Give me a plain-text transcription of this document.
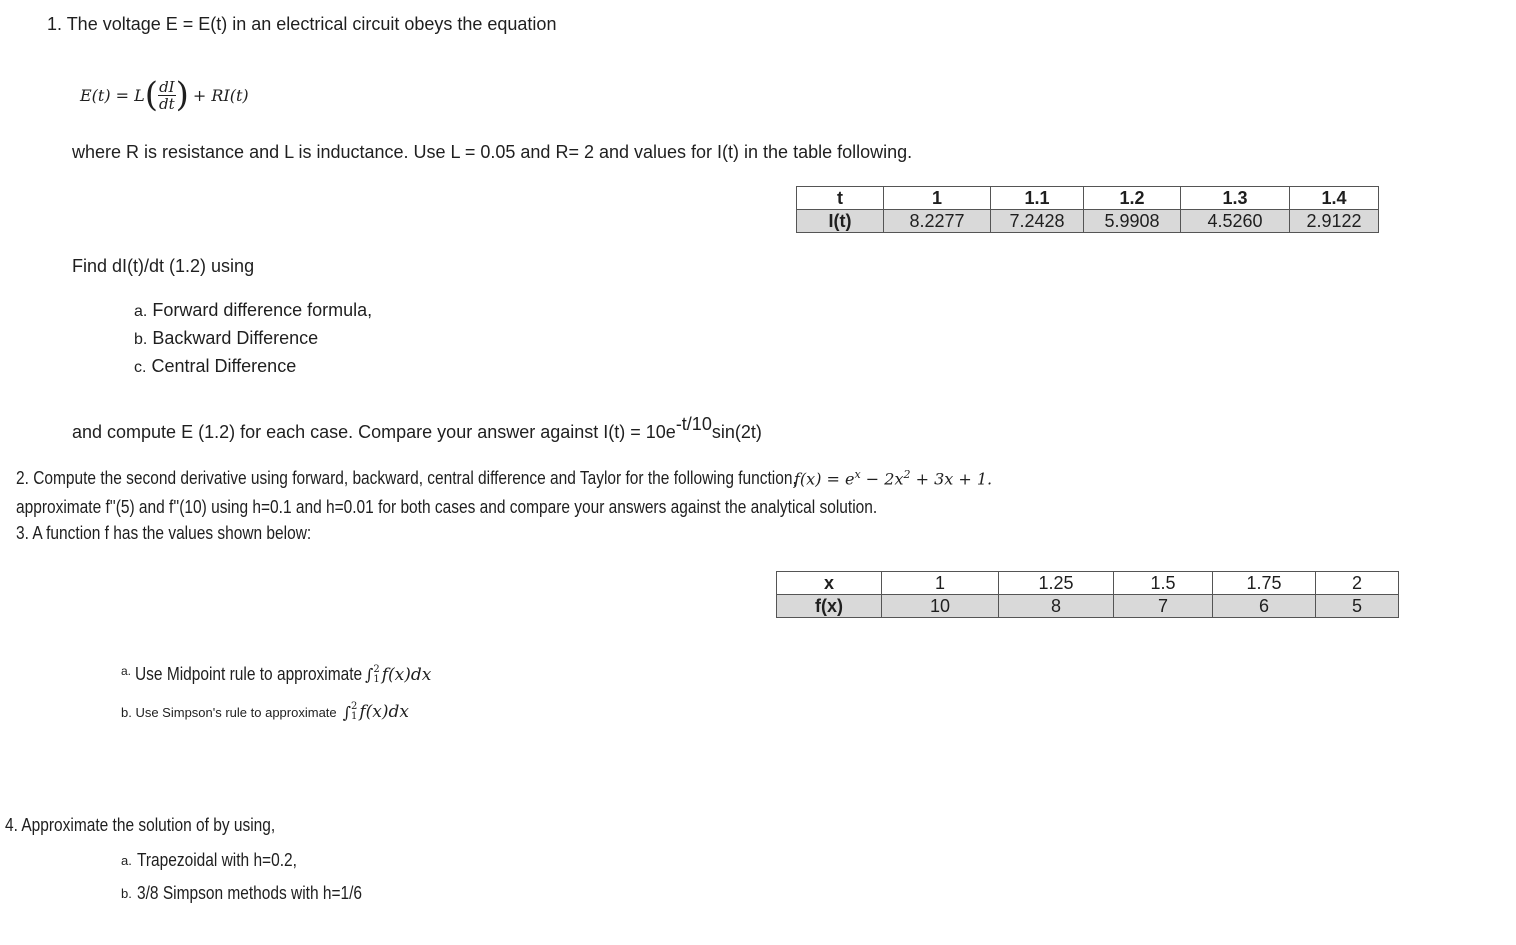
1. The voltage E = E(t) in an electrical circuit obeys the equation
E(t) = L ( $\frac{dI}{dt}$ ) + RI(t)
where R is resistance and L is inductance. Use L = 0.05 and R= 2 and values for I(t) in the table following.
t	1	1.1	1.2	1.3	1.4
I(t)	8.2277	7.2428	5.9908	4.5260	2.9122
Find dI(t)/dt (1.2) using
a. Forward difference formula,
b. Backward Difference
c. Central Difference
and compute E (1.2) for each case. Compare your answer against $I(t) = 10e^{-t/10}\sin(2t)$
2. Compute the second derivative using forward, backward, central difference and Taylor for the following function,
$f(x) = e^x - 2x^2 + 3x + 1$.
approximate f''(5) and f''(10) using h=0.1 and h=0.01 for both cases and compare your answers against the analytical solution.
3. A function f has the values shown below:
x	1	1.25	1.5	1.75	2
f(x)	10	8	7	6	5
a. Use Midpoint rule to approximate ∫ 2
1 f(x)dx
b. Use Simpson's rule to approximate ∫ 2
1 f(x)dx
4. Approximate the solution of by using,
a. Trapezoidal with h=0.2,
b. 3/8 Simpson methods with h=1/6
